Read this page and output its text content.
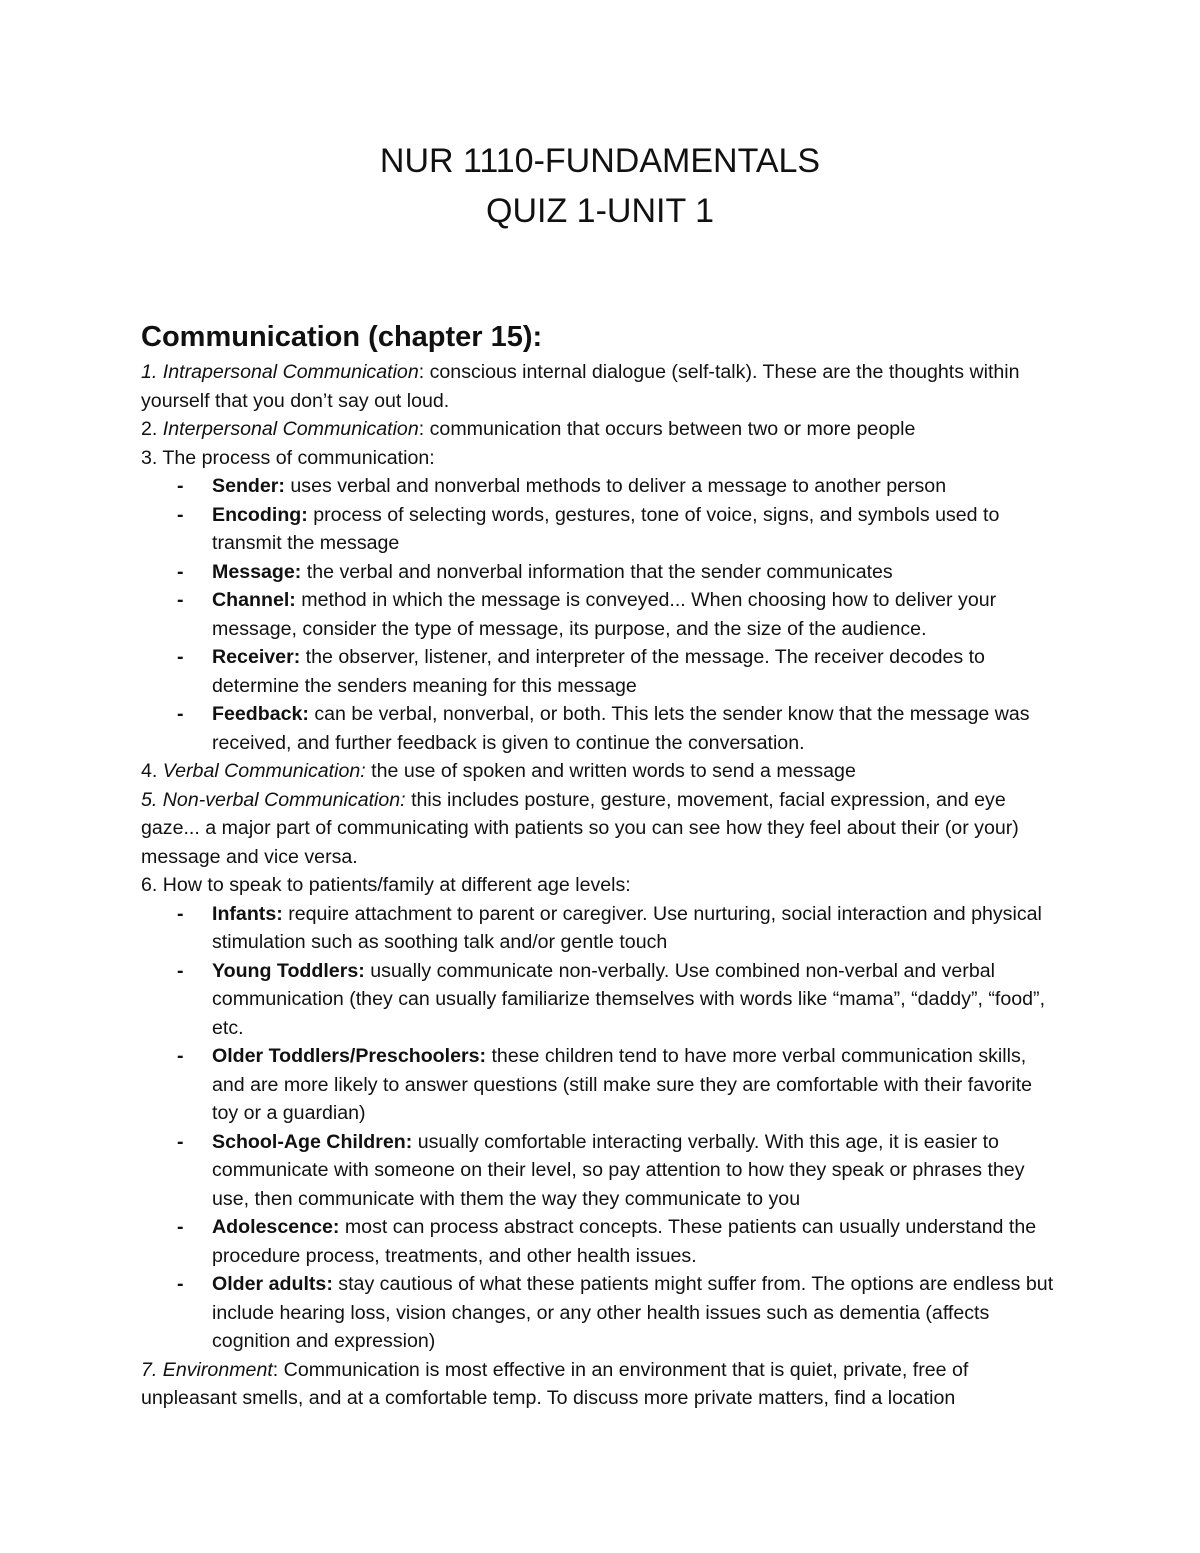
NUR 1110-FUNDAMENTALS
QUIZ 1-UNIT 1
Communication (chapter 15):

1. Intrapersonal Communication: conscious internal dialogue (self-talk). These are the thoughts within yourself that you don’t say out loud.

2. Interpersonal Communication: communication that occurs between two or more people

3. The process of communication:

- Sender: uses verbal and nonverbal methods to deliver a message to another person
- Encoding: process of selecting words, gestures, tone of voice, signs, and symbols used to transmit the message
- Message: the verbal and nonverbal information that the sender communicates
- Channel: method in which the message is conveyed... When choosing how to deliver your message, consider the type of message, its purpose, and the size of the audience.
- Receiver: the observer, listener, and interpreter of the message. The receiver decodes to determine the senders meaning for this message
- Feedback: can be verbal, nonverbal, or both. This lets the sender know that the message was received, and further feedback is given to continue the conversation.

4. Verbal Communication: the use of spoken and written words to send a message

5. Non-verbal Communication: this includes posture, gesture, movement, facial expression, and eye gaze... a major part of communicating with patients so you can see how they feel about their (or your) message and vice versa.

6. How to speak to patients/family at different age levels:

- Infants: require attachment to parent or caregiver. Use nurturing, social interaction and physical stimulation such as soothing talk and/or gentle touch
- Young Toddlers: usually communicate non-verbally. Use combined non-verbal and verbal communication (they can usually familiarize themselves with words like “mama”, “daddy”, “food”, etc.
- Older Toddlers/Preschoolers: these children tend to have more verbal communication skills, and are more likely to answer questions (still make sure they are comfortable with their favorite toy or a guardian)
- School-Age Children: usually comfortable interacting verbally. With this age, it is easier to communicate with someone on their level, so pay attention to how they speak or phrases they use, then communicate with them the way they communicate to you
- Adolescence: most can process abstract concepts. These patients can usually understand the procedure process, treatments, and other health issues.
- Older adults: stay cautious of what these patients might suffer from. The options are endless but include hearing loss, vision changes, or any other health issues such as dementia (affects cognition and expression)

7. Environment: Communication is most effective in an environment that is quiet, private, free of unpleasant smells, and at a comfortable temp. To discuss more private matters, find a location
